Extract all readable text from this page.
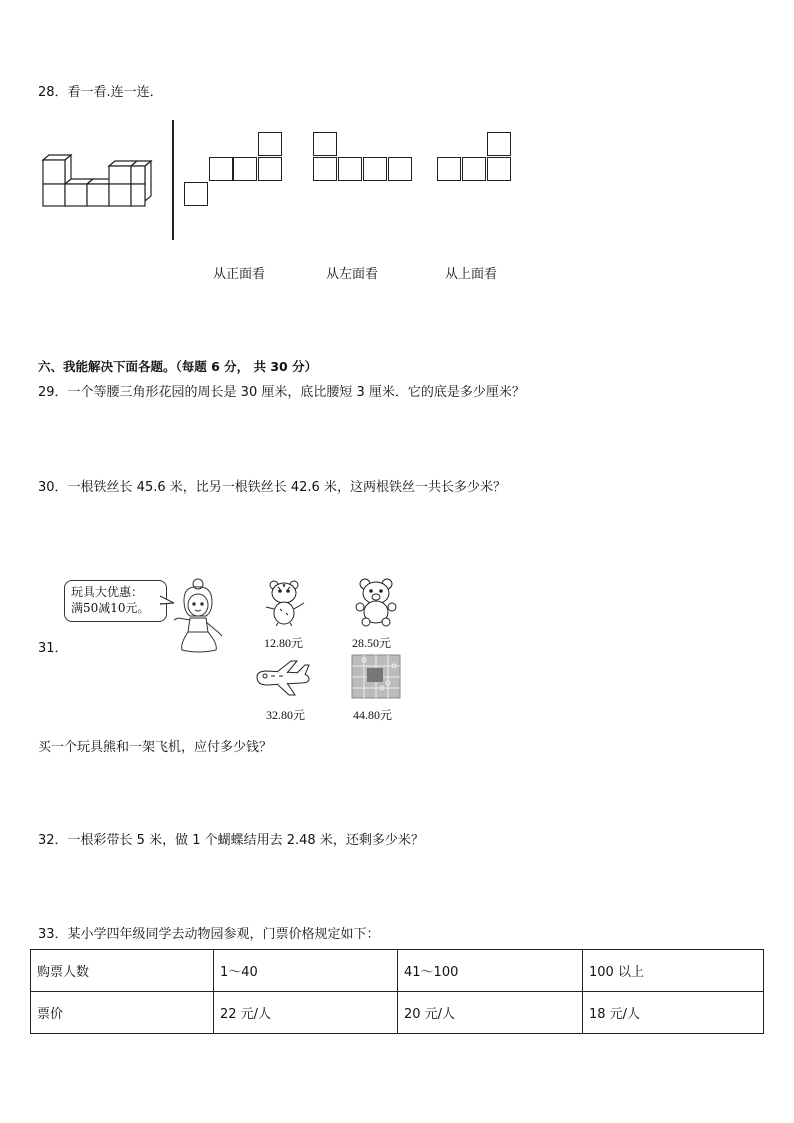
28．看一看.连一连．
从正面看	从左面看	从上面看
六、我能解决下面各题。（每题 6 分， 共 30 分）
29．一个等腰三角形花园的周长是 30 厘米，底比腰短 3 厘米．它的底是多少厘米？
30．一根铁丝长 45.6 米，比另一根铁丝长 42.6 米，这两根铁丝一共长多少米？
31．
玩具大优惠：
满50减10元。
12.80元	28.50元
32.80元	44.80元
买一个玩具熊和一架飞机，应付多少钱？
32．一根彩带长 5 米，做 1 个蝴蝶结用去 2.48 米，还剩多少米？
33．某小学四年级同学去动物园参观，门票价格规定如下：
购票人数	1～40	41～100	100 以上
票价	22 元/人	20 元/人	18 元/人
